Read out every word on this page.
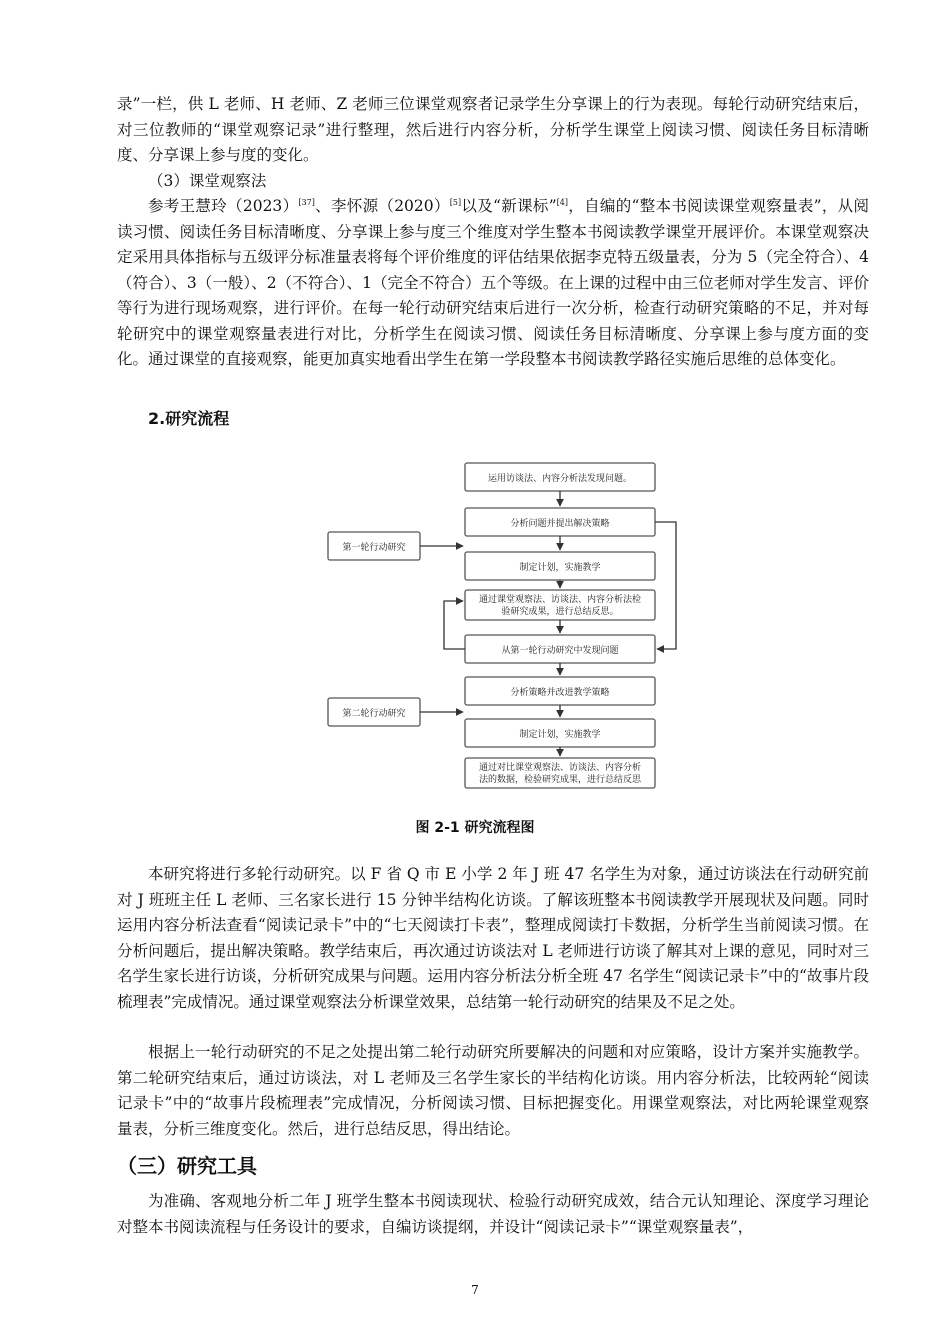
录”一栏，供 L 老师、H 老师、Z 老师三位课堂观察者记录学生分享课上的行为表现。每轮行动研究结束后，对三位教师的“课堂观察记录”进行整理，然后进行内容分析，分析学生课堂上阅读习惯、阅读任务目标清晰度、分享课上参与度的变化。

（3）课堂观察法

参考王慧玲（2023）[37]、李怀源（2020）[5]以及“新课标”[4]，自编的“整本书阅读课堂观察量表”，从阅读习惯、阅读任务目标清晰度、分享课上参与度三个维度对学生整本书阅读教学课堂开展评价。本课堂观察决定采用具体指标与五级评分标准量表将每个评价维度的评估结果依据李克特五级量表，分为 5（完全符合）、4（符合）、3（一般）、2（不符合）、1（完全不符合）五个等级。在上课的过程中由三位老师对学生发言、评价等行为进行现场观察，进行评价。在每一轮行动研究结束后进行一次分析，检查行动研究策略的不足，并对每轮研究中的课堂观察量表进行对比，分析学生在阅读习惯、阅读任务目标清晰度、分享课上参与度方面的变化。通过课堂的直接观察，能更加真实地看出学生在第一学段整本书阅读教学路径实施后思维的总体变化。

2.研究流程

运用访谈法、内容分析法发现问题。
分析问题并提出解决策略
制定计划，实施教学
通过课堂观察法、访谈法、内容分析法检
验研究成果，进行总结反思。
从第一轮行动研究中发现问题
分析策略并改进教学策略
制定计划，实施教学
通过对比课堂观察法、访谈法、内容分析
法的数据，检验研究成果，进行总结反思
第一轮行动研究
第二轮行动研究
图 2-1 研究流程图

本研究将进行多轮行动研究。以 F 省 Q 市 E 小学 2 年 J 班 47 名学生为对象，通过访谈法在行动研究前对 J 班班主任 L 老师、三名家长进行 15 分钟半结构化访谈。了解该班整本书阅读教学开展现状及问题。同时运用内容分析法查看“阅读记录卡”中的“七天阅读打卡表”，整理成阅读打卡数据，分析学生当前阅读习惯。在分析问题后，提出解决策略。教学结束后，再次通过访谈法对 L 老师进行访谈了解其对上课的意见，同时对三名学生家长进行访谈，分析研究成果与问题。运用内容分析法分析全班 47 名学生“阅读记录卡”中的“故事片段梳理表”完成情况。通过课堂观察法分析课堂效果，总结第一轮行动研究的结果及不足之处。

根据上一轮行动研究的不足之处提出第二轮行动研究所要解决的问题和对应策略，设计方案并实施教学。第二轮研究结束后，通过访谈法，对 L 老师及三名学生家长的半结构化访谈。用内容分析法，比较两轮“阅读记录卡”中的“故事片段梳理表”完成情况，分析阅读习惯、目标把握变化。用课堂观察法，对比两轮课堂观察量表，分析三维度变化。然后，进行总结反思，得出结论。

（三）研究工具

为准确、客观地分析二年 J 班学生整本书阅读现状、检验行动研究成效，结合元认知理论、深度学习理论对整本书阅读流程与任务设计的要求，自编访谈提纲，并设计“阅读记录卡”“课堂观察量表”，

7
